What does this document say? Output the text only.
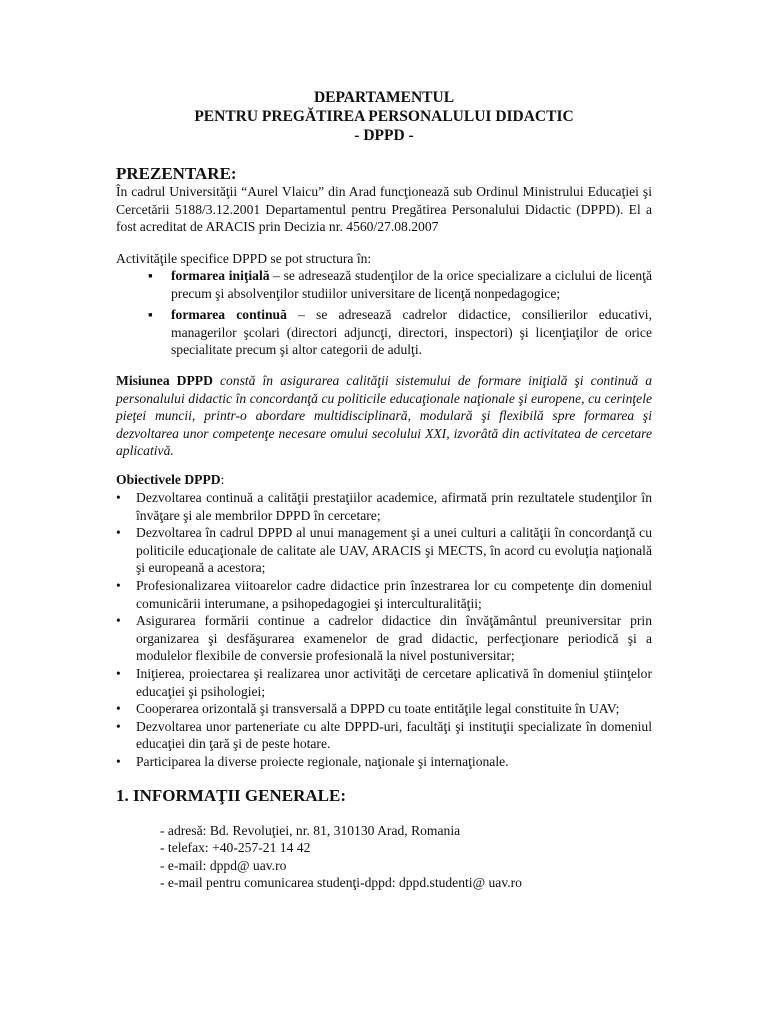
DEPARTAMENTUL
PENTRU PREGĂTIREA PERSONALULUI DIDACTIC
- DPPD -
PREZENTARE:
În cadrul Universităţii “Aurel Vlaicu” din Arad funcţionează sub Ordinul Ministrului Educaţiei şi Cercetării 5188/3.12.2001 Departamentul pentru Pregătirea Personalului Didactic (DPPD). El a fost acreditat de ARACIS prin Decizia nr. 4560/27.08.2007
Activităţile specifice DPPD se pot structura în:
▪ formarea iniţială – se adresează studenţilor de la orice specializare a ciclului de licenţă precum şi absolvenţilor studiilor universitare de licenţă nonpedagogice;
▪ formarea continuă – se adresează cadrelor didactice, consilierilor educativi, managerilor şcolari (directori adjuncţi, directori, inspectori) şi licenţiaţilor de orice specialitate precum şi altor categorii de adulţi.
Misiunea DPPD constă în asigurarea calităţii sistemului de formare iniţială şi continuă a personalului didactic în concordanţă cu politicile educaţionale naţionale şi europene, cu cerinţele pieţei muncii, printr-o abordare multidisciplinară, modulară şi flexibilă spre formarea şi dezvoltarea unor competenţe necesare omului secolului XXI, izvorâtă din activitatea de cercetare aplicativă.
Obiectivele DPPD:
• Dezvoltarea continuă a calităţii prestaţiilor academice, afirmată prin rezultatele studenţilor în învăţare şi ale membrilor DPPD în cercetare;
• Dezvoltarea în cadrul DPPD al unui management şi a unei culturi a calităţii în concordanţă cu politicile educaţionale de calitate ale UAV, ARACIS şi MECTS, în acord cu evoluţia naţională şi europeană a acestora;
• Profesionalizarea viitoarelor cadre didactice prin înzestrarea lor cu competenţe din domeniul comunicării interumane, a psihopedagogiei şi interculturalităţii;
• Asigurarea formării continue a cadrelor didactice din învăţământul preuniversitar prin organizarea şi desfăşurarea examenelor de grad didactic, perfecţionare periodică şi a modulelor flexibile de conversie profesională la nivel postuniversitar;
• Iniţierea, proiectarea şi realizarea unor activităţi de cercetare aplicativă în domeniul ştiinţelor educaţiei şi psihologiei;
• Cooperarea orizontală şi transversală a DPPD cu toate entităţile legal constituite în UAV;
• Dezvoltarea unor parteneriate cu alte DPPD-uri, facultăţi şi instituţii specializate în domeniul educaţiei din ţară şi de peste hotare.
• Participarea la diverse proiecte regionale, naţionale şi internaţionale.
1. INFORMAŢII GENERALE:
- adresă: Bd. Revoluţiei, nr. 81, 310130 Arad, Romania
- telefax: +40-257-21 14 42
- e-mail: dppd@ uav.ro
- e-mail pentru comunicarea studenţi-dppd: dppd.studenti@ uav.ro
